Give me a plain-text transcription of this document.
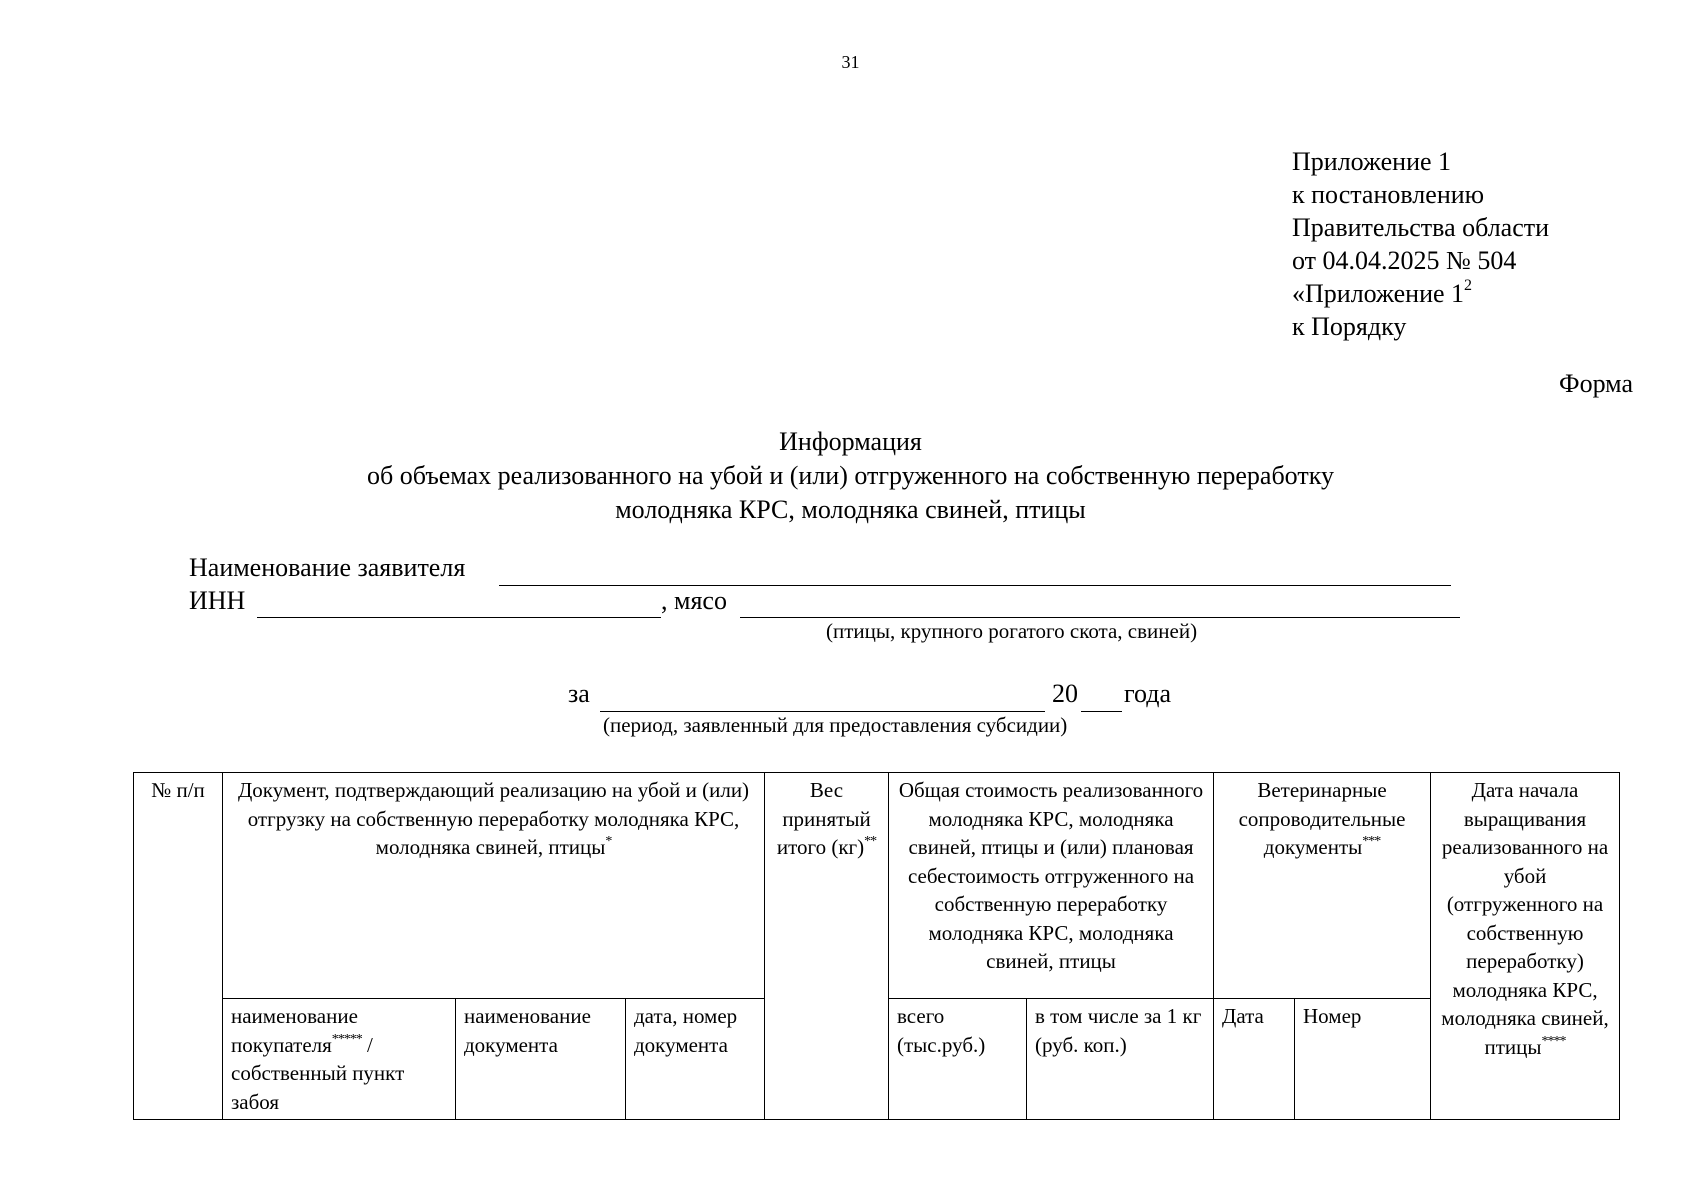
31
Приложение 1
к постановлению
Правительства области
от 04.04.2025 № 504
«Приложение $1^2$
к Порядку
Форма
Информация
об объемах реализованного на убой и (или) отгруженного на собственную переработку
молодняка КРС, молодняка свиней, птицы
Наименование заявителя
ИНН	, мясо
(птицы, крупного рогатого скота, свиней)
за	20 года
(период, заявленный для предоставления субсидии)
№ п/п	Документ, подтверждающий реализацию на убой и (или) отгрузку на собственную переработку молодняка КРС, молодняка свиней, птицы*			Вес принятый итого (кг)**	Общая стоимость реализованного молодняка КРС, молодняка свиней, птицы и (или) плановая себестоимость отгруженного на собственную переработку молодняка КРС, молодняка свиней, птицы		Ветеринарные сопроводительные документы***		Дата начала выращивания реализованного на убой (отгруженного на собственную переработку) молодняка КРС, молодняка свиней, птицы****
	наименование покупателя***** / собственный пункт забоя	наименование документа	дата, номер документа		всего (тыс.руб.)	в том числе за 1 кг (руб. коп.)	Дата	Номер	
